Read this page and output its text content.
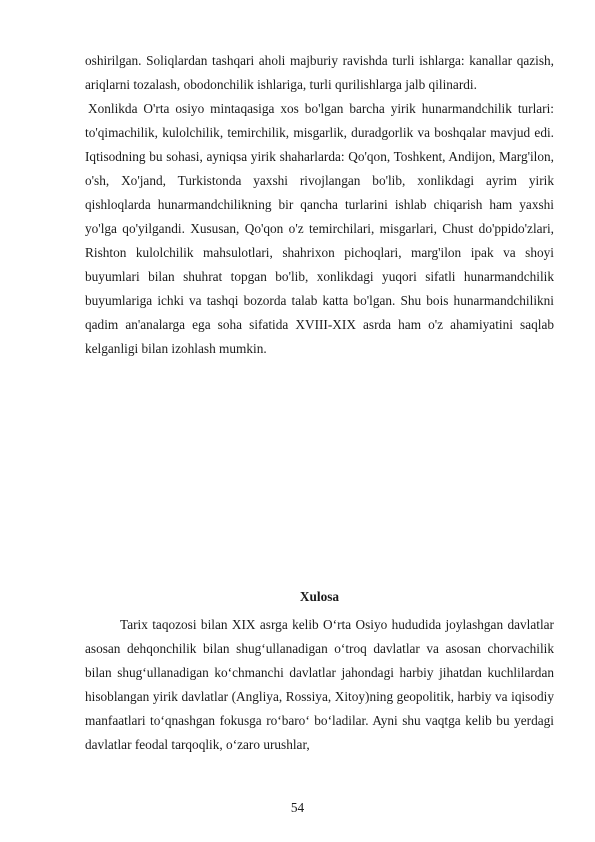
oshirilgan. Soliqlardan tashqari aholi majburiy ravishda turli ishlarga: kanallar qazish, ariqlarni tozalash, obodonchilik ishlariga, turli qurilishlarga jalb qilinardi.

Xonlikda O'rta osiyo mintaqasiga xos bo'lgan barcha yirik hunarmandchilik turlari: to'qimachilik, kulolchilik, temirchilik, misgarlik, duradgorlik va boshqalar mavjud edi. Iqtisodning bu sohasi, ayniqsa yirik shaharlarda: Qo'qon, Toshkent, Andijon, Marg'ilon, o'sh, Xo'jand, Turkistonda yaxshi rivojlangan bo'lib, xonlikdagi ayrim yirik qishloqlarda hunarmandchilikning bir qancha turlarini ishlab chiqarish ham yaxshi yo'lga qo'yilgandi. Xususan, Qo'qon o'z temirchilari, misgarlari, Chust do'ppido'zlari, Rishton kulolchilik mahsulotlari, shahrixon pichoqlari, marg'ilon ipak va shoyi buyumlari bilan shuhrat topgan bo'lib, xonlikdagi yuqori sifatli hunarmandchilik buyumlariga ichki va tashqi bozorda talab katta bo'lgan. Shu bois hunarmandchilikni qadim an'analarga ega soha sifatida XVIII-XIX asrda ham o'z ahamiyatini saqlab kelganligi bilan izohlash mumkin.

Xulosa

Tarix taqozosi bilan XIX asrga kelib O‘rta Osiyo hududida joylashgan davlatlar asosan dehqonchilik bilan shug‘ullanadigan o‘troq davlatlar va asosan chorvachilik bilan shug‘ullanadigan ko‘chmanchi davlatlar jahondagi harbiy jihatdan kuchlilardan hisoblangan yirik davlatlar (Angliya, Rossiya, Xitoy)ning geopolitik, harbiy va iqisodiy manfaatlari to‘qnashgan fokusga ro‘baro‘ bo‘ladilar. Ayni shu vaqtga kelib bu yerdagi davlatlar feodal tarqoqlik, o‘zaro urushlar,

54
